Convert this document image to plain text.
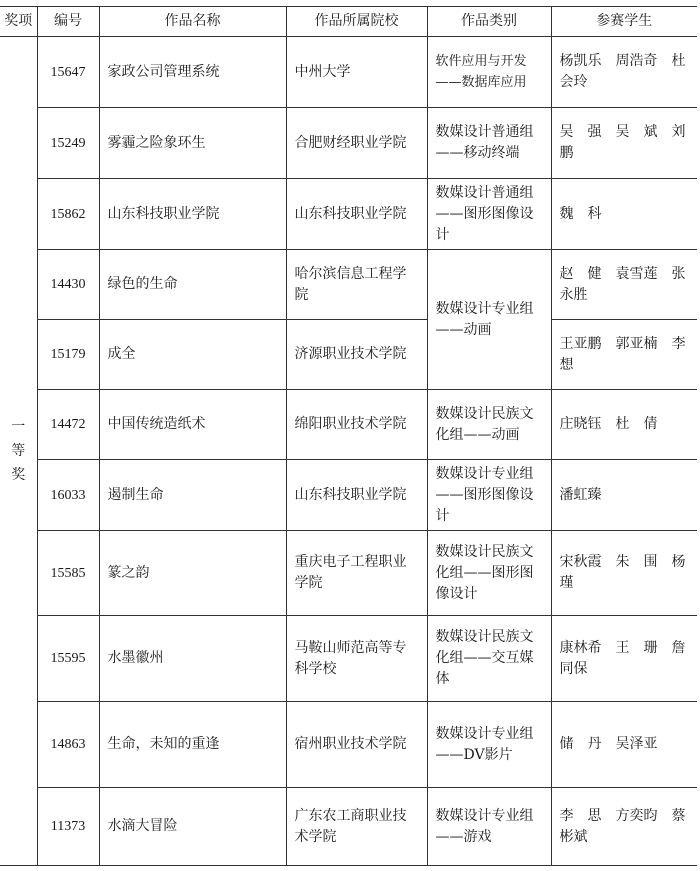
奖项	编号	作品名称	作品所属院校	作品类别	参赛学生

一等奖	15647	家政公司管理系统	中州大学	软件应用与开发——数据库应用	杨凯乐　周浩奇　杜会玲
	15249	雾霾之险象环生	合肥财经职业学院	数媒设计普通组——移动终端	吴　强　吴　斌　刘　鹏
	15862	山东科技职业学院	山东科技职业学院	数媒设计普通组——图形图像设计	魏　科
	14430	绿色的生命	哈尔滨信息工程学院	数媒设计专业组——动画	赵　健　袁雪莲　张永胜
	15179	成全	济源职业技术学院		王亚鹏　郭亚楠　李　想
	14472	中国传统造纸术	绵阳职业技术学院	数媒设计民族文化组——动画	庄晓钰　杜　倩
	16033	遏制生命	山东科技职业学院	数媒设计专业组——图形图像设计	潘虹臻
	15585	篆之韵	重庆电子工程职业学院	数媒设计民族文化组——图形图像设计	宋秋霞　朱　围　杨　瑾
	15595	水墨徽州	马鞍山师范高等专科学校	数媒设计民族文化组——交互媒体	康林希　王　珊　詹同保
	14863	生命，未知的重逢	宿州职业技术学院	数媒设计专业组——DV影片	储　丹　吴泽亚
	11373	水滴大冒险	广东农工商职业技术学院	数媒设计专业组——游戏	李　思　方奕昀　蔡彬斌
